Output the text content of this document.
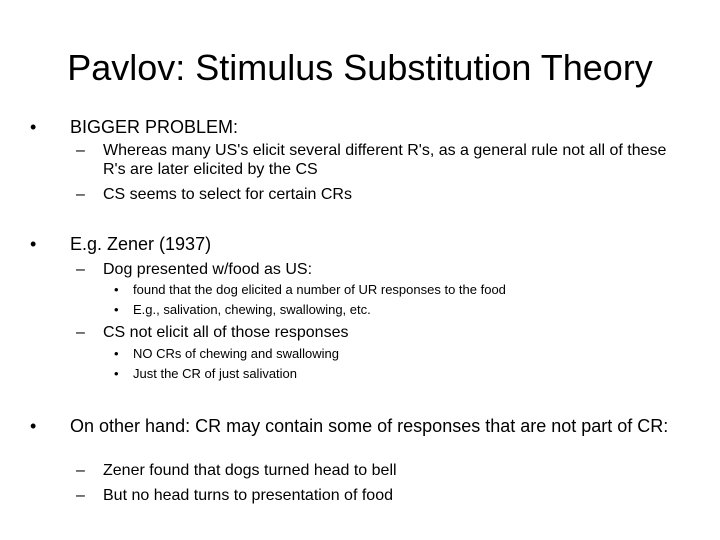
Pavlov: Stimulus Substitution Theory
• BIGGER PROBLEM:
– Whereas many US's elicit several different R's, as a general rule not all of these R's are later elicited by the CS
– CS seems to select for certain CRs
• E.g. Zener (1937)
– Dog presented w/food as US:
• found that the dog elicited a number of UR responses to the food
• E.g., salivation, chewing, swallowing, etc.
– CS not elicit all of those responses
• NO CRs of chewing and swallowing
• Just the CR of just salivation
• On other hand: CR may contain some of responses that are not part of CR:
– Zener found that dogs turned head to bell
– But no head turns to presentation of food
